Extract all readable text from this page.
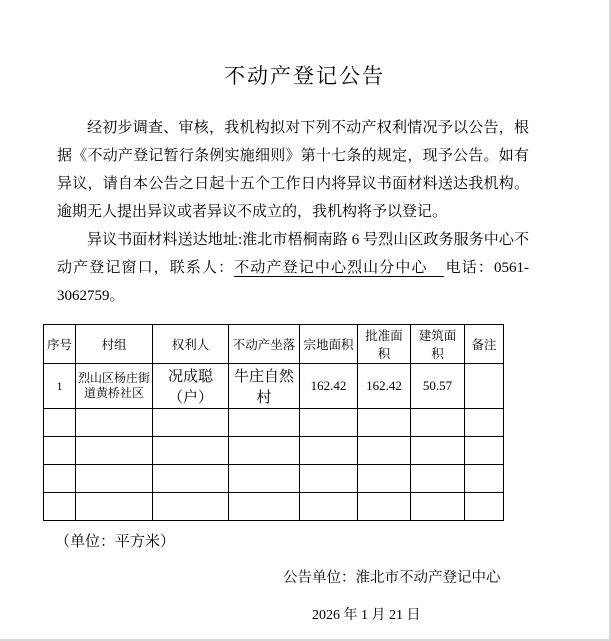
不动产登记公告

经初步调查、审核，我机构拟对下列不动产权利情况予以公告，根据《不动产登记暂行条例实施细则》第十七条的规定，现予公告。如有异议，请自本公告之日起十五个工作日内将异议书面材料送达我机构。逾期无人提出异议或者异议不成立的，我机构将予以登记。

异议书面材料送达地址:淮北市梧桐南路 6 号烈山区政务服务中心不动产登记窗口，联系人：不动产登记中心烈山分中心 电话：0561-3062759。

序号	村组	权利人	不动产坐落	宗地面积	批准面积	建筑面积	备注
1	烈山区杨庄街道黄桥社区	况成聪（户）	牛庄自然村	162.42	162.42	50.57	

（单位：平方米）
公告单位：淮北市不动产登记中心
2026 年 1 月 21 日
